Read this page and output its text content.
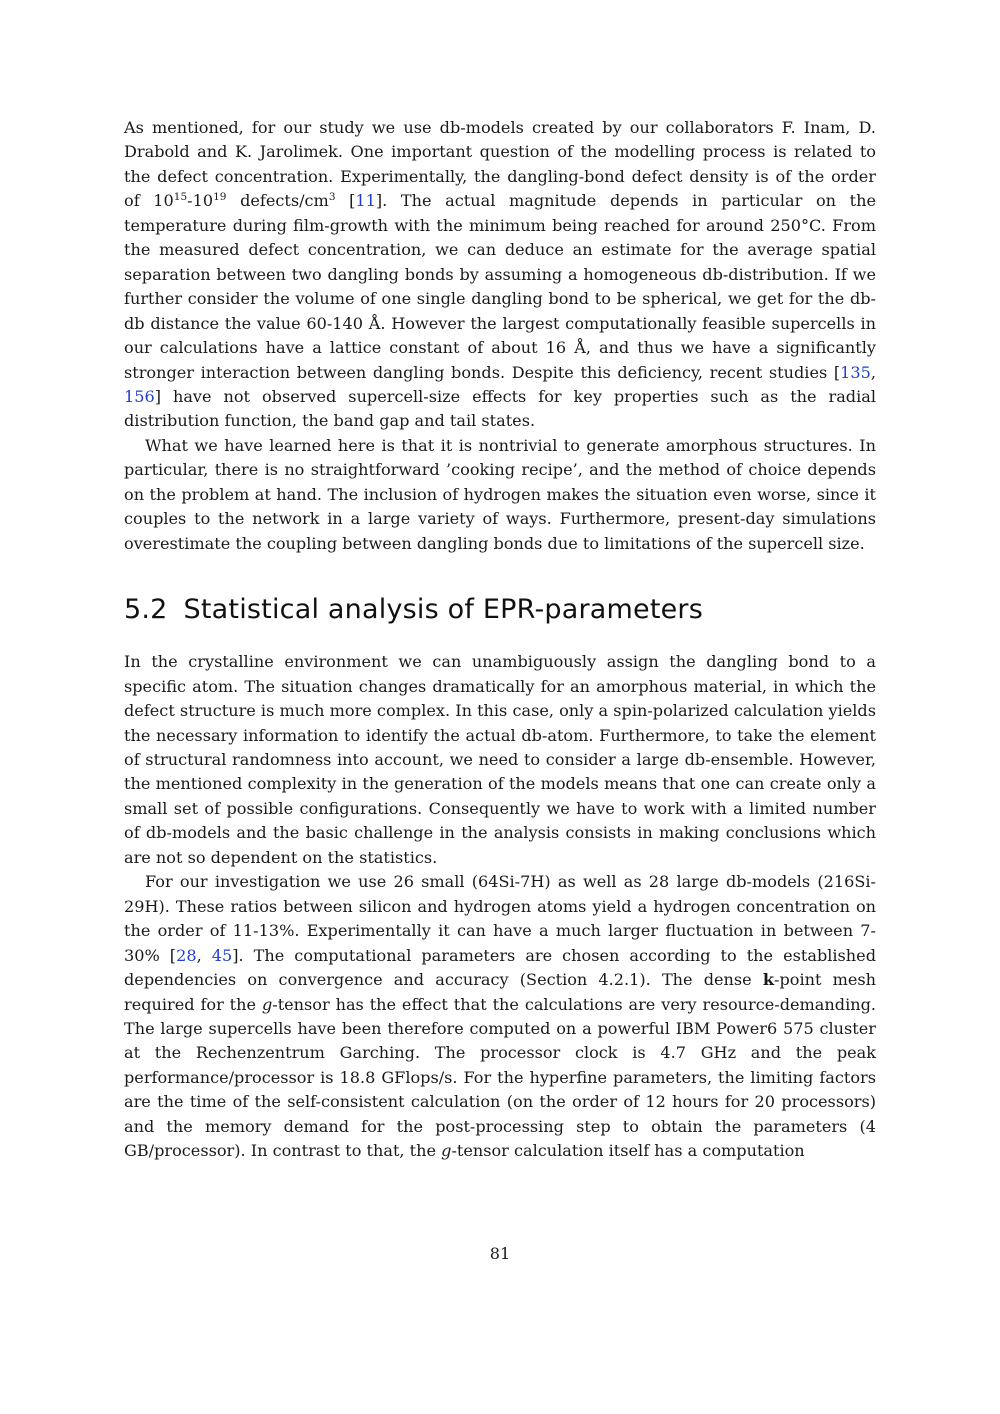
As mentioned, for our study we use db-models created by our collaborators F. Inam, D. Drabold and K. Jarolimek. One important question of the modelling process is related to the defect concentration. Experimentally, the dangling-bond defect density is of the order of $10^{15}-10^{19}$ defects/$cm^3$ [11]. The actual magnitude depends in particular on the temperature during film-growth with the minimum being reached for around 250°C. From the measured defect concentration, we can deduce an estimate for the average spatial separation between two dangling bonds by assuming a homogeneous db-distribution. If we further consider the volume of one single dangling bond to be spherical, we get for the db-db distance the value 60-140 Å. However the largest computationally feasible supercells in our calculations have a lattice constant of about 16 Å, and thus we have a significantly stronger interaction between dangling bonds. Despite this deficiency, recent studies [135, 156] have not observed supercell-size effects for key properties such as the radial distribution function, the band gap and tail states.

What we have learned here is that it is nontrivial to generate amorphous structures. In particular, there is no straightforward ’cooking recipe’, and the method of choice depends on the problem at hand. The inclusion of hydrogen makes the situation even worse, since it couples to the network in a large variety of ways. Furthermore, present-day simulations overestimate the coupling between dangling bonds due to limitations of the supercell size.

5.2 Statistical analysis of EPR-parameters

In the crystalline environment we can unambiguously assign the dangling bond to a specific atom. The situation changes dramatically for an amorphous material, in which the defect structure is much more complex. In this case, only a spin-polarized calculation yields the necessary information to identify the actual db-atom. Furthermore, to take the element of structural randomness into account, we need to consider a large db-ensemble. However, the mentioned complexity in the generation of the models means that one can create only a small set of possible configurations. Consequently we have to work with a limited number of db-models and the basic challenge in the analysis consists in making conclusions which are not so dependent on the statistics.

For our investigation we use 26 small (64Si-7H) as well as 28 large db-models (216Si-29H). These ratios between silicon and hydrogen atoms yield a hydrogen concentration on the order of 11-13%. Experimentally it can have a much larger fluctuation in between 7-30% [28, 45]. The computational parameters are chosen according to the established dependencies on convergence and accuracy (Section 4.2.1). The dense k-point mesh required for the g-tensor has the effect that the calculations are very resource-demanding. The large supercells have been therefore computed on a powerful IBM Power6 575 cluster at the Rechenzentrum Garching. The processor clock is 4.7 GHz and the peak performance/processor is 18.8 GFlops/s. For the hyperfine parameters, the limiting factors are the time of the self-consistent calculation (on the order of 12 hours for 20 processors) and the memory demand for the post-processing step to obtain the parameters (4 GB/processor). In contrast to that, the g-tensor calculation itself has a computation

81
